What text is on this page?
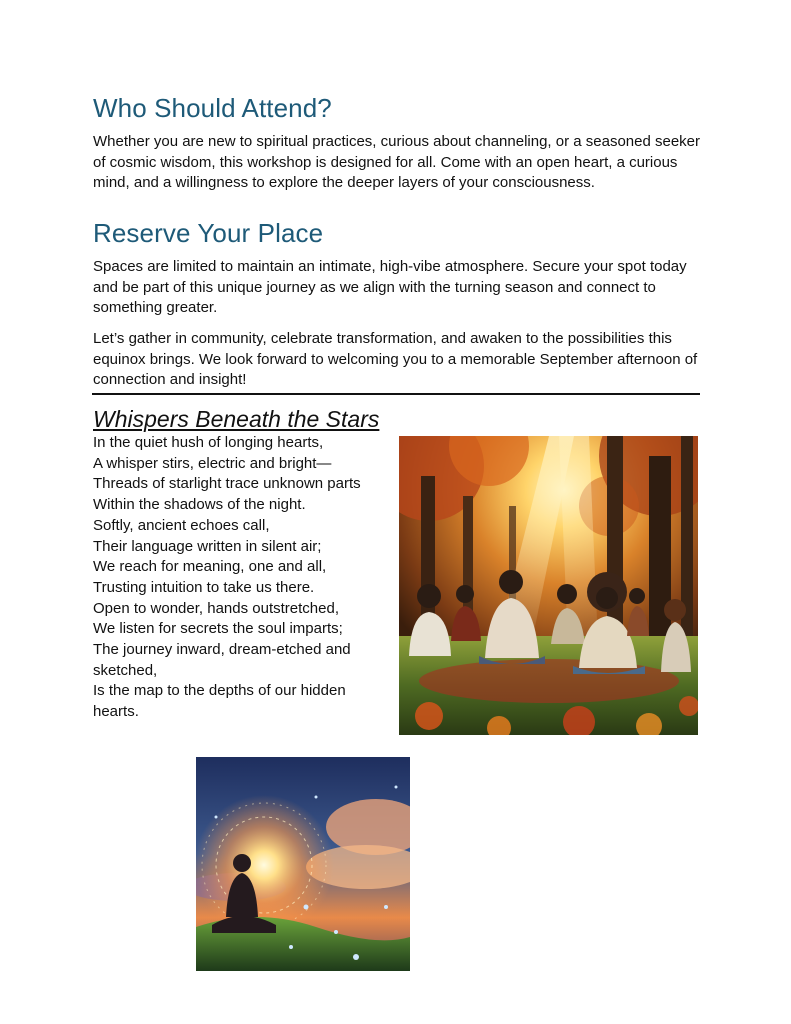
Who Should Attend?

Whether you are new to spiritual practices, curious about channeling, or a seasoned seeker of cosmic wisdom, this workshop is designed for all. Come with an open heart, a curious mind, and a willingness to explore the deeper layers of your consciousness.

Reserve Your Place

Spaces are limited to maintain an intimate, high-vibe atmosphere. Secure your spot today and be part of this unique journey as we align with the turning season and connect to something greater.

Let’s gather in community, celebrate transformation, and awaken to the possibilities this equinox brings. We look forward to welcoming you to a memorable September afternoon of connection and insight!

Whispers Beneath the Stars

In the quiet hush of longing hearts,
A whisper stirs, electric and bright—
Threads of starlight trace unknown parts
Within the shadows of the night.
Softly, ancient echoes call,
Their language written in silent air;
We reach for meaning, one and all,
Trusting intuition to take us there.
Open to wonder, hands outstretched,
We listen for secrets the soul imparts;
The journey inward, dream-etched and sketched,
Is the map to the depths of our hidden hearts.
